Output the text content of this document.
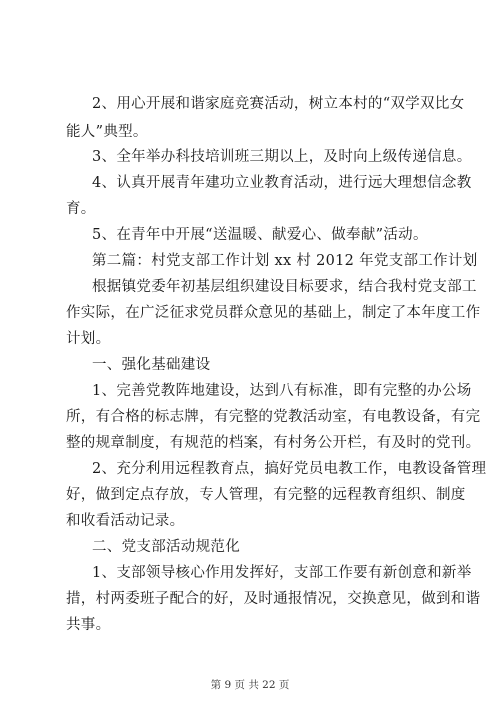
2、用心开展和谐家庭竞赛活动，树立本村的“双学双比女
能人”典型。
3、全年举办科技培训班三期以上，及时向上级传递信息。
4、认真开展青年建功立业教育活动，进行远大理想信念教
育。
5、在青年中开展“送温暖、献爱心、做奉献”活动。
第二篇：村党支部工作计划 xx 村 2012 年党支部工作计划
根据镇党委年初基层组织建设目标要求，结合我村党支部工
作实际，在广泛征求党员群众意见的基础上，制定了本年度工作
计划。
一、强化基础建设
1、完善党教阵地建设，达到八有标准，即有完整的办公场
所，有合格的标志牌，有完整的党教活动室，有电教设备，有完
整的规章制度，有规范的档案，有村务公开栏，有及时的党刊。
2、充分利用远程教育点，搞好党员电教工作，电教设备管理
好，做到定点存放，专人管理，有完整的远程教育组织、制度
和收看活动记录。
二、党支部活动规范化
1、支部领导核心作用发挥好，支部工作要有新创意和新举
措，村两委班子配合的好，及时通报情况，交换意见，做到和谐
共事。
第 9 页 共 22 页
